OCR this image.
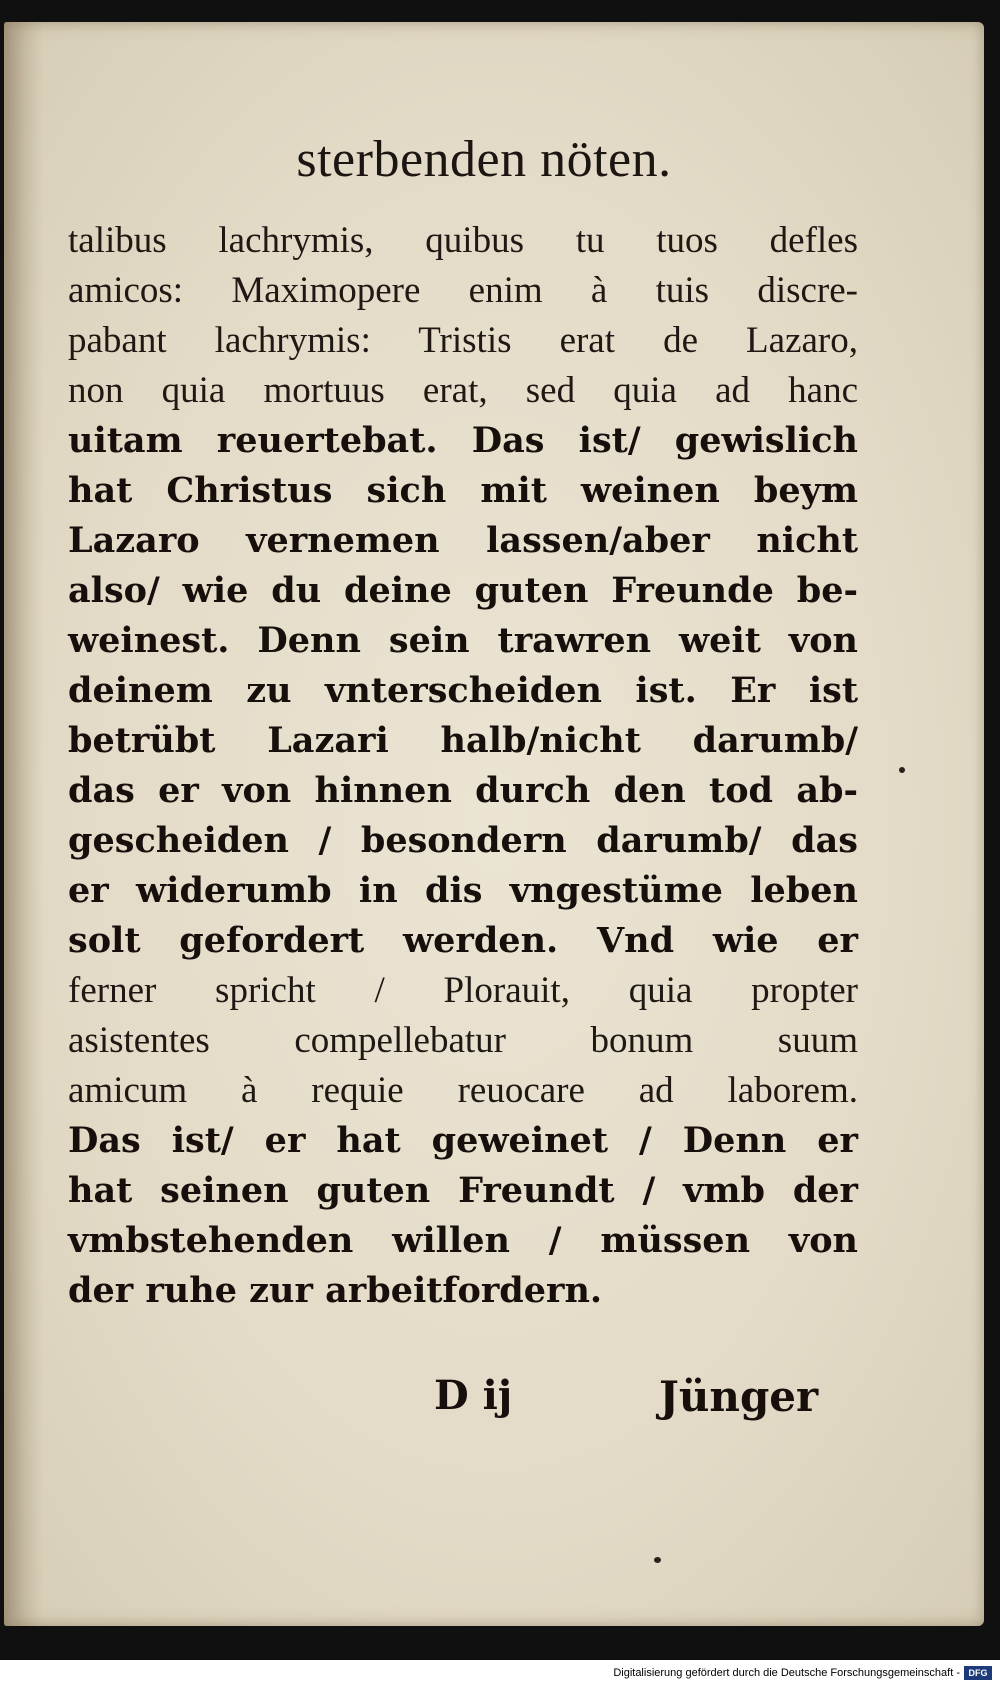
sterbenden nöten.
talibus lachrymis, quibus tu tuos defles
amicos: Maximopere enim à tuis discre-
pabant lachrymis: Tristis erat de Lazaro,
non quia mortuus erat, sed quia ad hanc
uitam reuertebat. Das ist/ gewislich
hat Christus sich mit weinen beym
Lazaro vernemen lassen/aber nicht
also/ wie du deine guten Freunde be-
weinest. Denn sein trawren weit von
deinem zu vnterscheiden ist. Er ist
betrübt Lazari halb/nicht darumb/
das er von hinnen durch den tod ab-
gescheiden / besondern darumb/ das
er widerumb in dis vngestüme leben
solt gefordert werden. Vnd wie er
ferner spricht / Plorauit, quia propter
asistentes compellebatur bonum suum
amicum à requie reuocare ad laborem.
Das ist/ er hat geweinet / Denn er
hat seinen guten Freundt / vmb der
vmbstehenden willen / müssen von
der ruhe zur arbeitfordern.
D ij	Jünger
Digitalisierung gefördert durch die Deutsche Forschungsgemeinschaft - DFG
